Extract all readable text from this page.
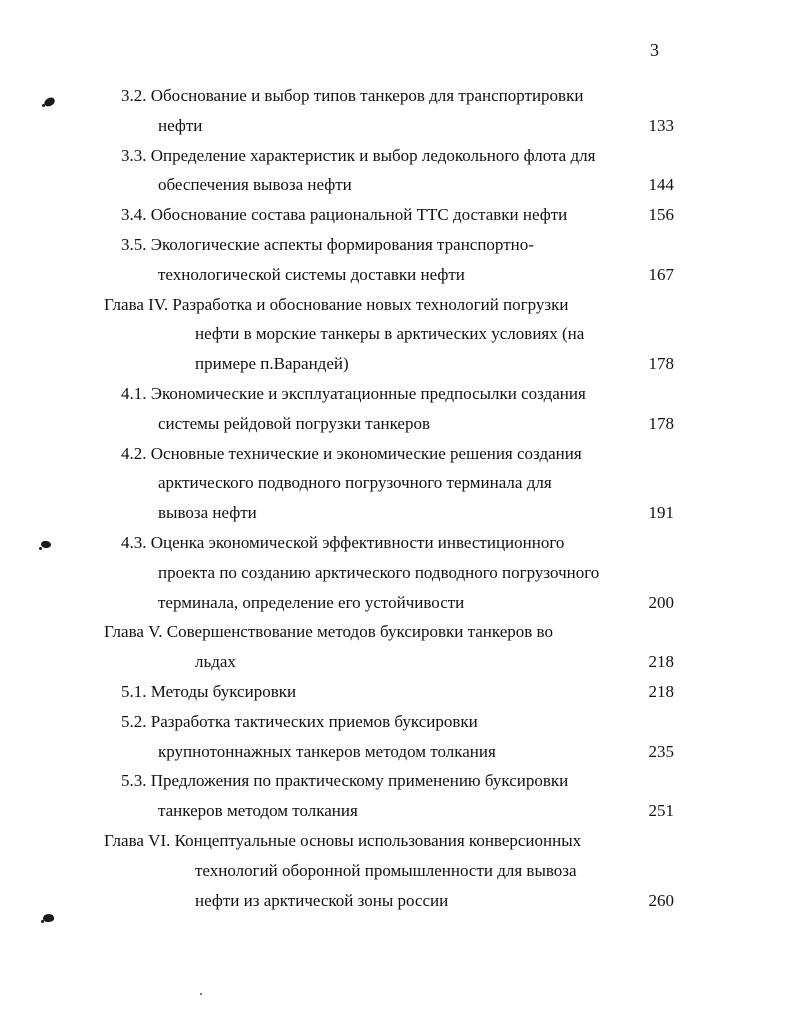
3
3.2. Обоснование и выбор типов танкеров для транспортировки
нефти	133
3.3. Определение характеристик и выбор ледокольного флота для
обеспечения вывоза нефти	144
3.4. Обоснование состава рациональной ТТС доставки нефти	156
3.5. Экологические аспекты формирования транспортно-
технологической системы доставки нефти	167
Глава IV. Разработка и обоснование новых технологий погрузки
нефти в морские танкеры в арктических условиях (на
примере п.Варандей)	178
4.1. Экономические и эксплуатационные предпосылки создания
системы рейдовой погрузки танкеров	178
4.2. Основные технические и экономические решения создания
арктического подводного погрузочного терминала для
вывоза нефти	191
4.3. Оценка экономической эффективности инвестиционного
проекта по созданию арктического подводного погрузочного
терминала, определение его устойчивости	200
Глава V. Совершенствование методов буксировки танкеров во
льдах	218
5.1. Методы буксировки	218
5.2. Разработка тактических приемов буксировки
крупнотоннажных танкеров методом толкания	235
5.3. Предложения по практическому применению буксировки
танкеров методом толкания	251
Глава VI. Концептуальные основы использования конверсионных
технологий оборонной промышленности для вывоза
нефти из арктической зоны россии	260
